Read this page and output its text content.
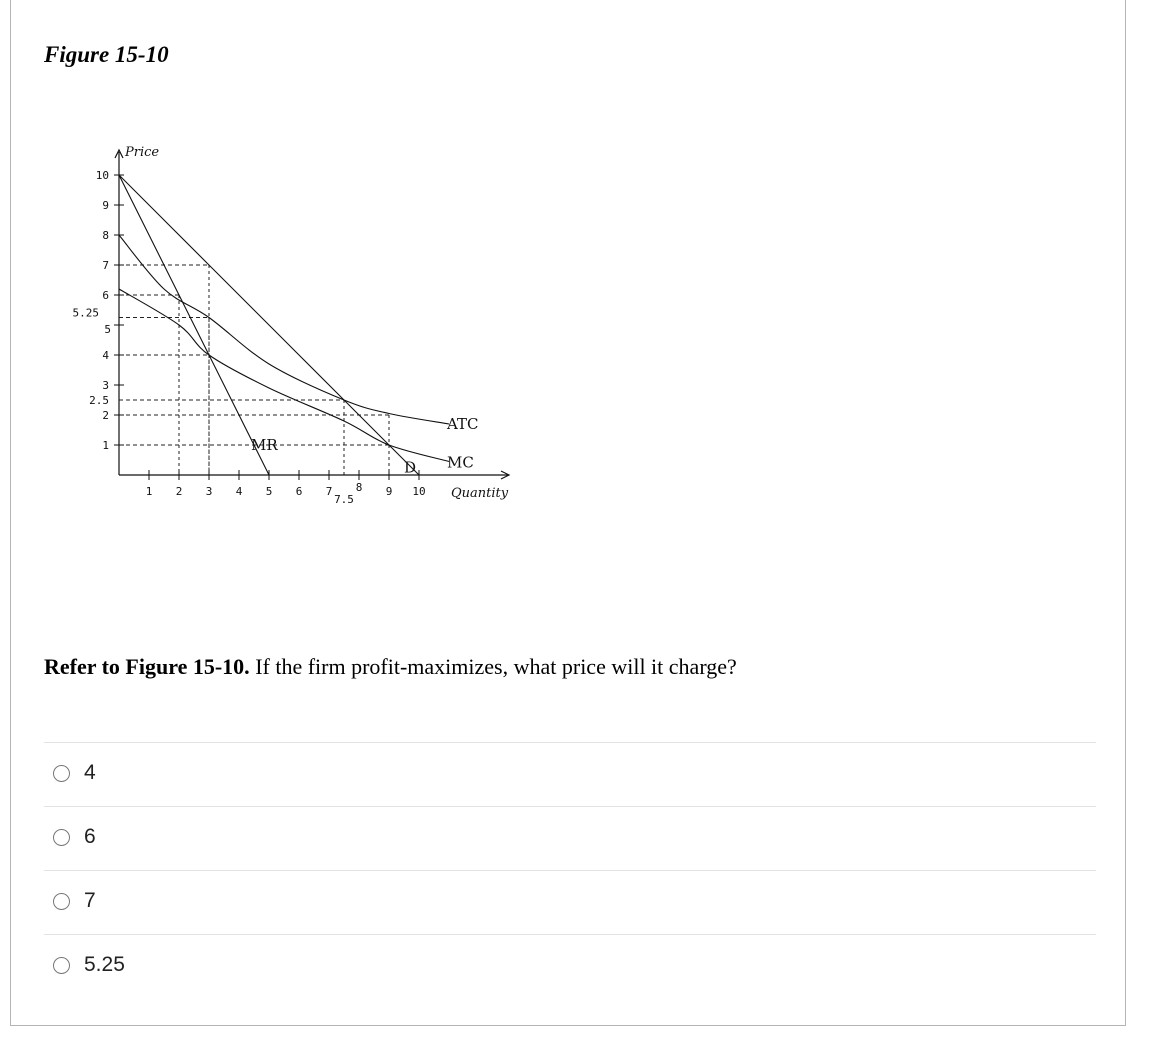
Figure 15-10
Price
Quantity
10
9
8
7
6
5.25
5
4
3
2.5
2
1
1 2 3 4 5 6 7
7.5
8 9 10
D
MR
ATC
MC
Refer to Figure 15-10. If the firm profit-maximizes, what price will it charge?
4
6
7
5.25
